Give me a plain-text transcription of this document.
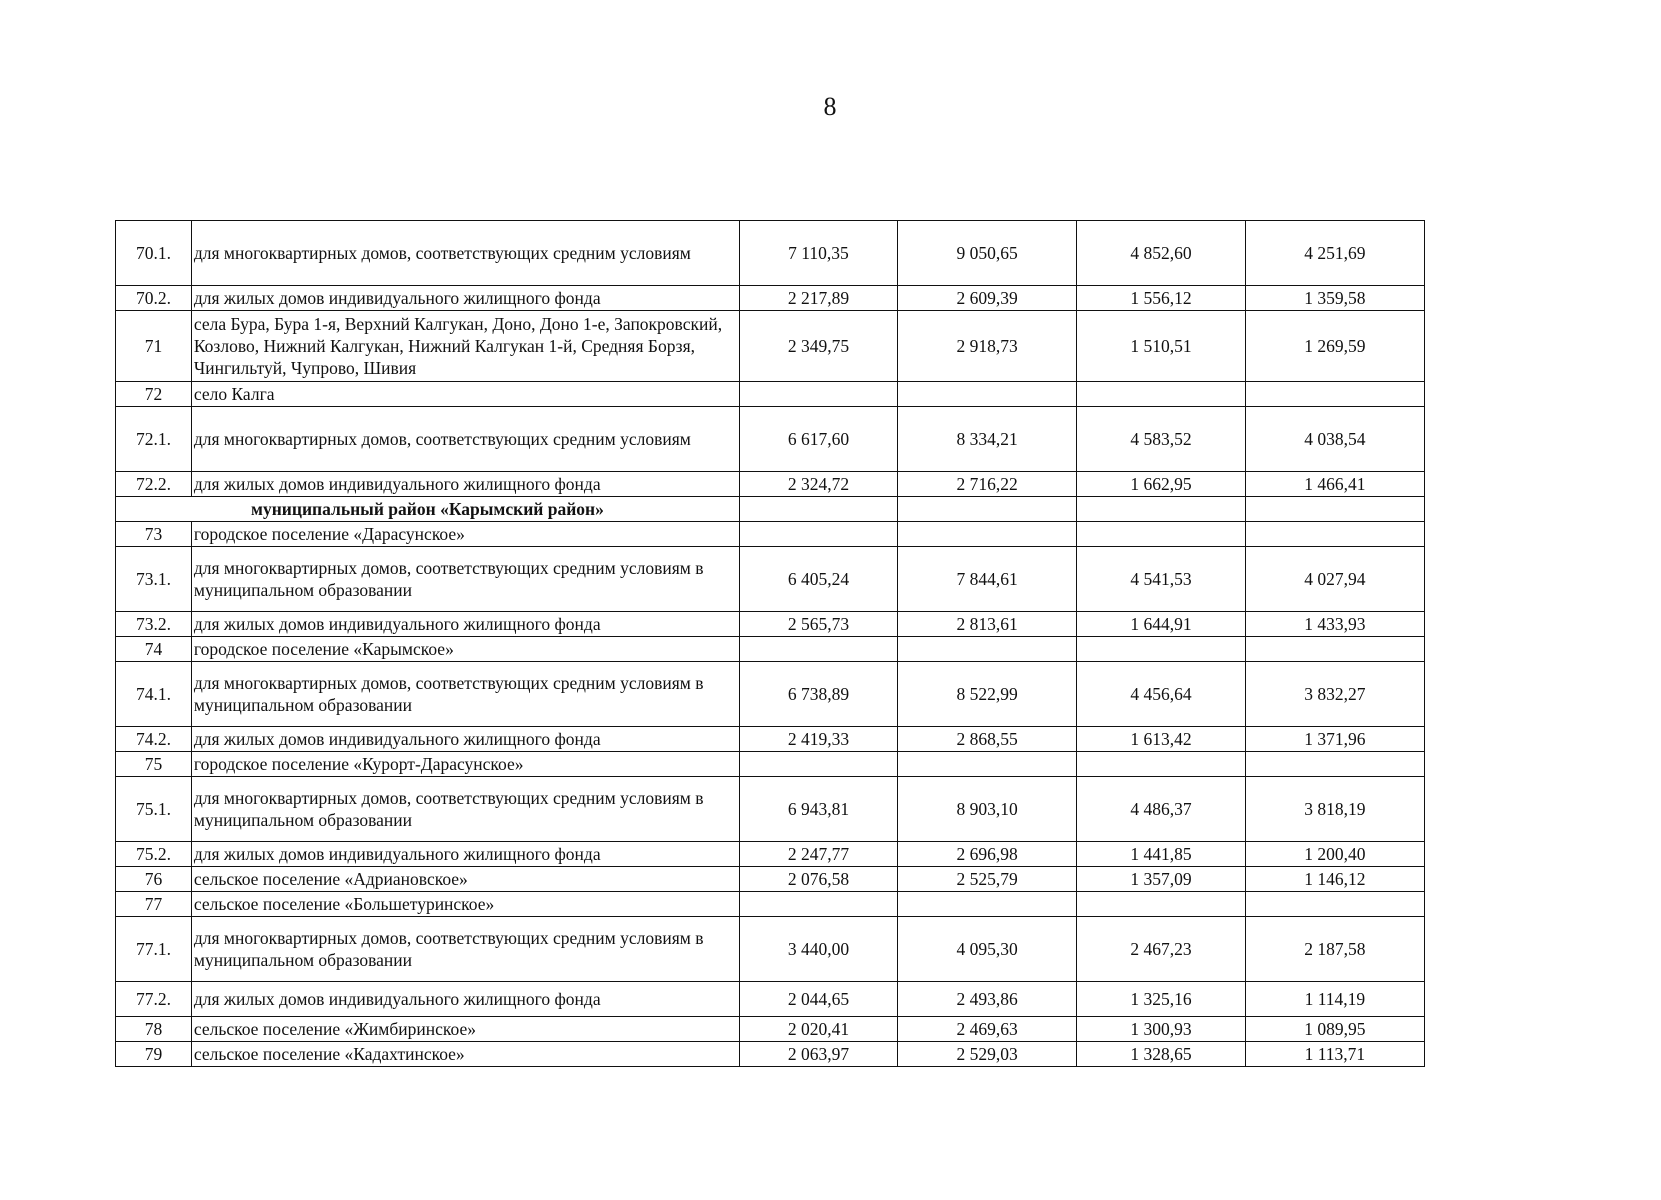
8
70.1.	для многоквартирных домов, соответствующих средним условиям	7 110,35	9 050,65	4 852,60	4 251,69
70.2.	для жилых домов индивидуального жилищного фонда	2 217,89	2 609,39	1 556,12	1 359,58
71	села Бура, Бура 1-я, Верхний Калгукан, Доно, Доно 1-е, Запокровский, Козлово, Нижний Калгукан, Нижний Калгукан 1-й, Средняя Борзя, Чингильтуй, Чупрово, Шивия	2 349,75	2 918,73	1 510,51	1 269,59
72	село Калга				
72.1.	для многоквартирных домов, соответствующих средним условиям	6 617,60	8 334,21	4 583,52	4 038,54
72.2.	для жилых домов индивидуального жилищного фонда	2 324,72	2 716,22	1 662,95	1 466,41
муниципальный район «Карымский район»					
73	городское поселение «Дарасунское»				
73.1.	для многоквартирных домов, соответствующих средним условиям в муниципальном образовании	6 405,24	7 844,61	4 541,53	4 027,94
73.2.	для жилых домов индивидуального жилищного фонда	2 565,73	2 813,61	1 644,91	1 433,93
74	городское поселение «Карымское»				
74.1.	для многоквартирных домов, соответствующих средним условиям в муниципальном образовании	6 738,89	8 522,99	4 456,64	3 832,27
74.2.	для жилых домов индивидуального жилищного фонда	2 419,33	2 868,55	1 613,42	1 371,96
75	городское поселение «Курорт-Дарасунское»				
75.1.	для многоквартирных домов, соответствующих средним условиям в муниципальном образовании	6 943,81	8 903,10	4 486,37	3 818,19
75.2.	для жилых домов индивидуального жилищного фонда	2 247,77	2 696,98	1 441,85	1 200,40
76	сельское поселение «Адриановское»	2 076,58	2 525,79	1 357,09	1 146,12
77	сельское поселение «Большетуринское»				
77.1.	для многоквартирных домов, соответствующих средним условиям в муниципальном образовании	3 440,00	4 095,30	2 467,23	2 187,58
77.2.	для жилых домов индивидуального жилищного фонда	2 044,65	2 493,86	1 325,16	1 114,19
78	сельское поселение «Жимбиринское»	2 020,41	2 469,63	1 300,93	1 089,95
79	сельское поселение «Кадахтинское»	2 063,97	2 529,03	1 328,65	1 113,71
